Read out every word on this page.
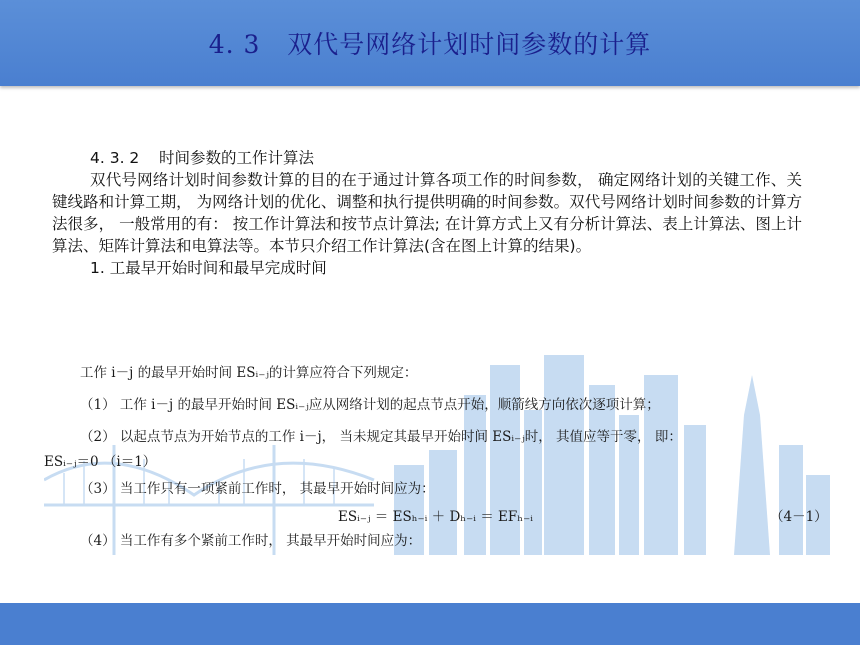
4. 3   双代号网络计划时间参数的计算
4. 3. 2    时间参数的工作计算法

双代号网络计划时间参数计算的目的在于通过计算各项工作的时间参数， 确定网络计划的关键工作、关键线路和计算工期， 为网络计划的优化、调整和执行提供明确的时间参数。双代号网络计划时间参数的计算方法很多， 一般常用的有： 按工作计算法和按节点计算法; 在计算方式上又有分析计算法、表上计算法、图上计算法、矩阵计算法和电算法等。本节只介绍工作计算法(含在图上计算的结果)。

1. 工最早开始时间和最早完成时间
工作 i－j 的最早开始时间 ESᵢ₋ⱼ的计算应符合下列规定：
（1） 工作 i－j 的最早开始时间 ESᵢ₋ⱼ应从网络计划的起点节点开始，顺箭线方向依次逐项计算；
（2） 以起点节点为开始节点的工作 i－j， 当未规定其最早开始时间 ESᵢ₋ⱼ时， 其值应等于零， 即：
ESᵢ₋ⱼ＝0 （i＝1）
（3） 当工作只有一项紧前工作时， 其最早开始时间应为：
ESᵢ₋ⱼ ＝ ESₕ₋ᵢ ＋ Dₕ₋ᵢ ＝ EFₕ₋ᵢ	（4－1）
（4） 当工作有多个紧前工作时， 其最早开始时间应为：
